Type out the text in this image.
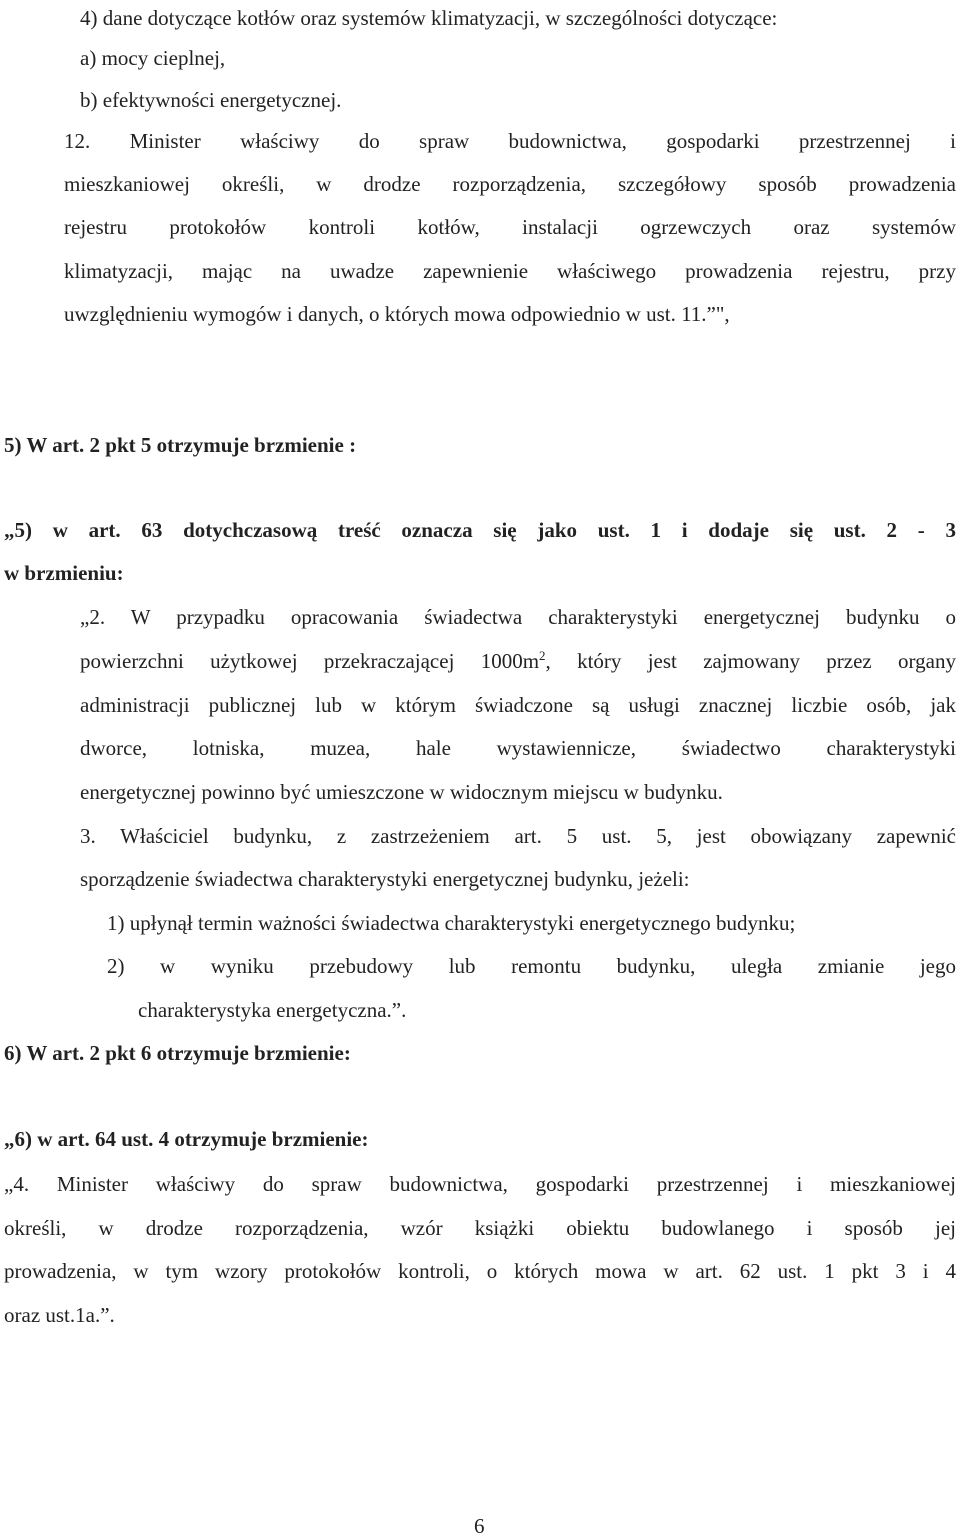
4) dane dotyczące kotłów oraz systemów klimatyzacji, w szczególności dotyczące:
a) mocy cieplnej,
b) efektywności energetycznej.
12. Minister właściwy do spraw budownictwa, gospodarki przestrzennej i
mieszkaniowej określi, w drodze rozporządzenia, szczegółowy sposób prowadzenia
rejestru protokołów kontroli kotłów, instalacji ogrzewczych oraz systemów
klimatyzacji, mając na uwadze zapewnienie właściwego prowadzenia rejestru, przy
uwzględnieniu wymogów i danych, o których mowa odpowiednio w ust. 11.”",
5) W art. 2 pkt 5 otrzymuje brzmienie :
„5) w art. 63 dotychczasową treść oznacza się jako ust. 1 i dodaje się ust. 2 - 3
w brzmieniu:
„2. W przypadku opracowania świadectwa charakterystyki energetycznej budynku o
powierzchni użytkowej przekraczającej $1000m^2$, który jest zajmowany przez organy
administracji publicznej lub w którym świadczone są usługi znacznej liczbie osób, jak
dworce, lotniska, muzea, hale wystawiennicze, świadectwo charakterystyki
energetycznej powinno być umieszczone w widocznym miejscu w budynku.
3. Właściciel budynku, z zastrzeżeniem art. 5 ust. 5, jest obowiązany zapewnić
sporządzenie świadectwa charakterystyki energetycznej budynku, jeżeli:
1) upłynął termin ważności świadectwa charakterystyki energetycznego budynku;
2) w wyniku przebudowy lub remontu budynku, uległa zmianie jego
charakterystyka energetyczna.”.
6) W art. 2 pkt 6 otrzymuje brzmienie:
„6) w art. 64 ust. 4 otrzymuje brzmienie:
„4. Minister właściwy do spraw budownictwa, gospodarki przestrzennej i mieszkaniowej
określi, w drodze rozporządzenia, wzór książki obiektu budowlanego i sposób jej
prowadzenia, w tym wzory protokołów kontroli, o których mowa w art. 62 ust. 1 pkt 3 i 4
oraz ust.1a.”.
6
